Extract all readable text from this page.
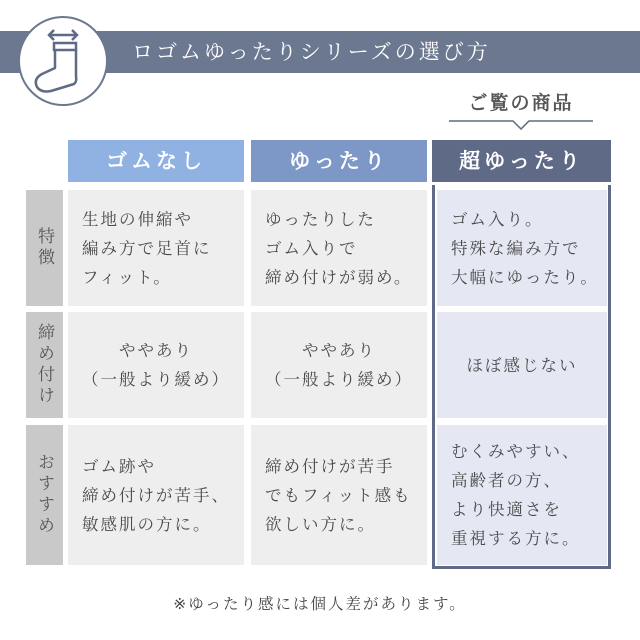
ロゴムゆったりシリーズの選び方
ご覧の商品
ゴムなし	ゆったり	超ゆったり
特徴
締め付け
おすすめ
生地の伸縮や
編み方で足首に
フィット。
ゆったりした
ゴム入りで
締め付けが弱め。
ゴム入り。
特殊な編み方で
大幅にゆったり。
ややあり
（一般より緩め）
ややあり
（一般より緩め）
ほぼ感じない
ゴム跡や
締め付けが苦手、
敏感肌の方に。
締め付けが苦手
でもフィット感も
欲しい方に。
むくみやすい、
高齢者の方、
より快適さを
重視する方に。
※ゆったり感には個人差があります。
